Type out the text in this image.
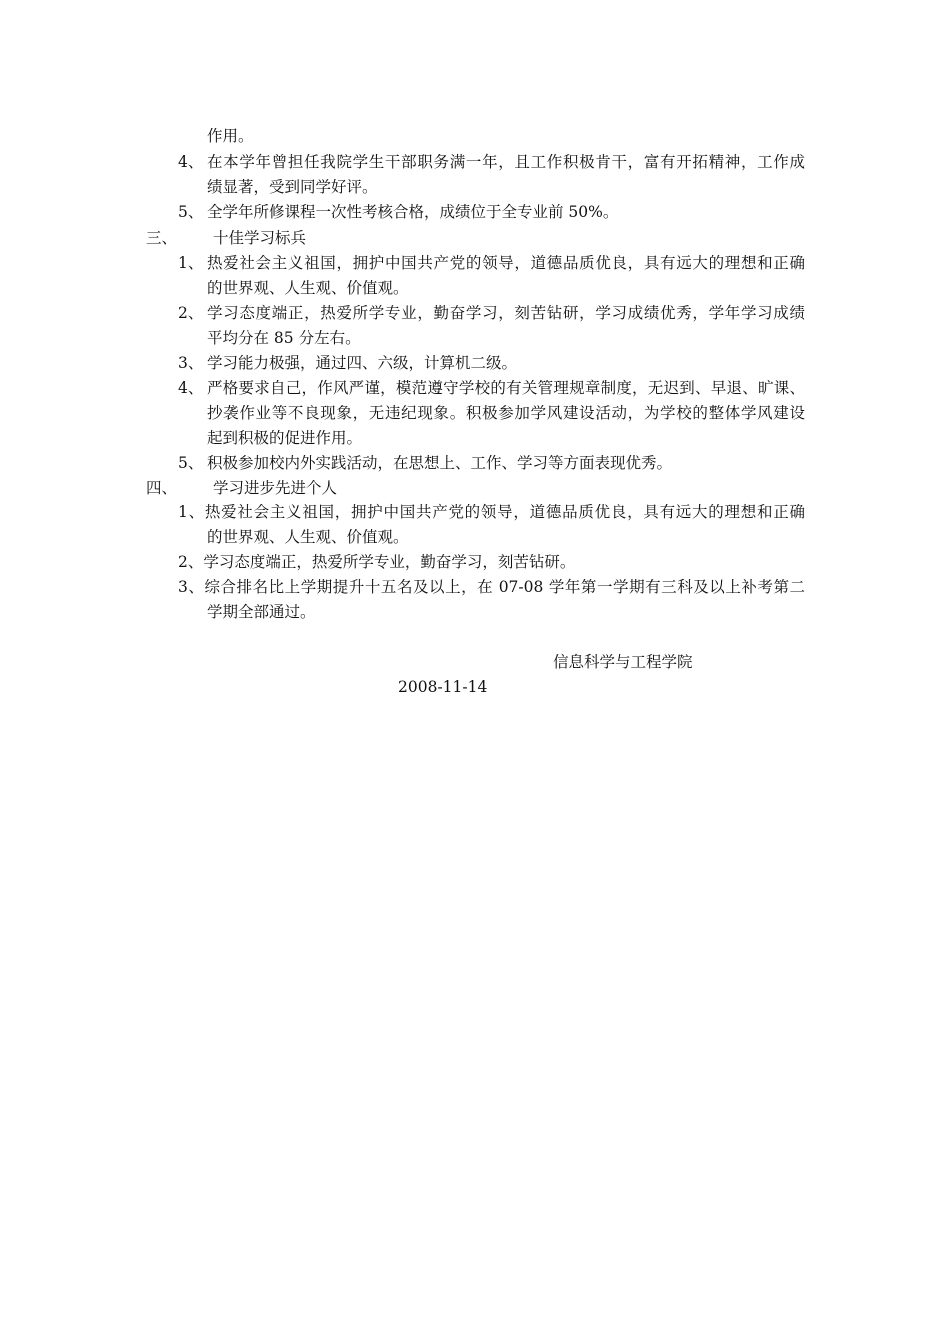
作用。
4、 在本学年曾担任我院学生干部职务满一年，且工作积极肯干，富有开拓精神，工作成
绩显著，受到同学好评。
5、 全学年所修课程一次性考核合格，成绩位于全专业前 50%。
三、 十佳学习标兵
1、 热爱社会主义祖国，拥护中国共产党的领导，道德品质优良，具有远大的理想和正确
的世界观、人生观、价值观。
2、 学习态度端正，热爱所学专业，勤奋学习，刻苦钻研，学习成绩优秀，学年学习成绩
平均分在 85 分左右。
3、 学习能力极强，通过四、六级，计算机二级。
4、 严格要求自己，作风严谨，模范遵守学校的有关管理规章制度，无迟到、早退、旷课、
抄袭作业等不良现象，无违纪现象。积极参加学风建设活动，为学校的整体学风建设
起到积极的促进作用。
5、 积极参加校内外实践活动，在思想上、工作、学习等方面表现优秀。
四、 学习进步先进个人
1、热爱社会主义祖国，拥护中国共产党的领导，道德品质优良，具有远大的理想和正确
的世界观、人生观、价值观。
2、学习态度端正，热爱所学专业，勤奋学习，刻苦钻研。
3、综合排名比上学期提升十五名及以上，在 07-08 学年第一学期有三科及以上补考第二
学期全部通过。
信息科学与工程学院
2008-11-14
